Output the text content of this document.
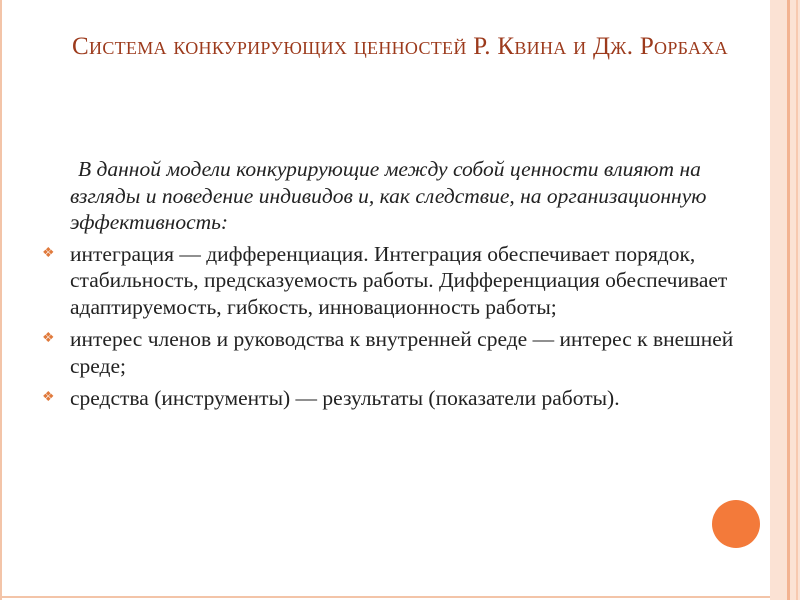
Система конкурирующих ценностей Р. Квина и Дж. Рорбаха

В данной модели конкурирующие между собой ценности влияют на взгляды и поведение индивидов и, как следствие, на организационную эффективность:

❖ интеграция — дифференциация. Интеграция обеспечивает порядок, стабильность, предсказуемость работы. Дифференциация обеспечивает адаптируемость, гибкость, инновационность работы;
❖ интерес членов и руководства к внутренней среде — интерес к внешней среде;
❖ средства (инструменты) — результаты (показатели работы).
